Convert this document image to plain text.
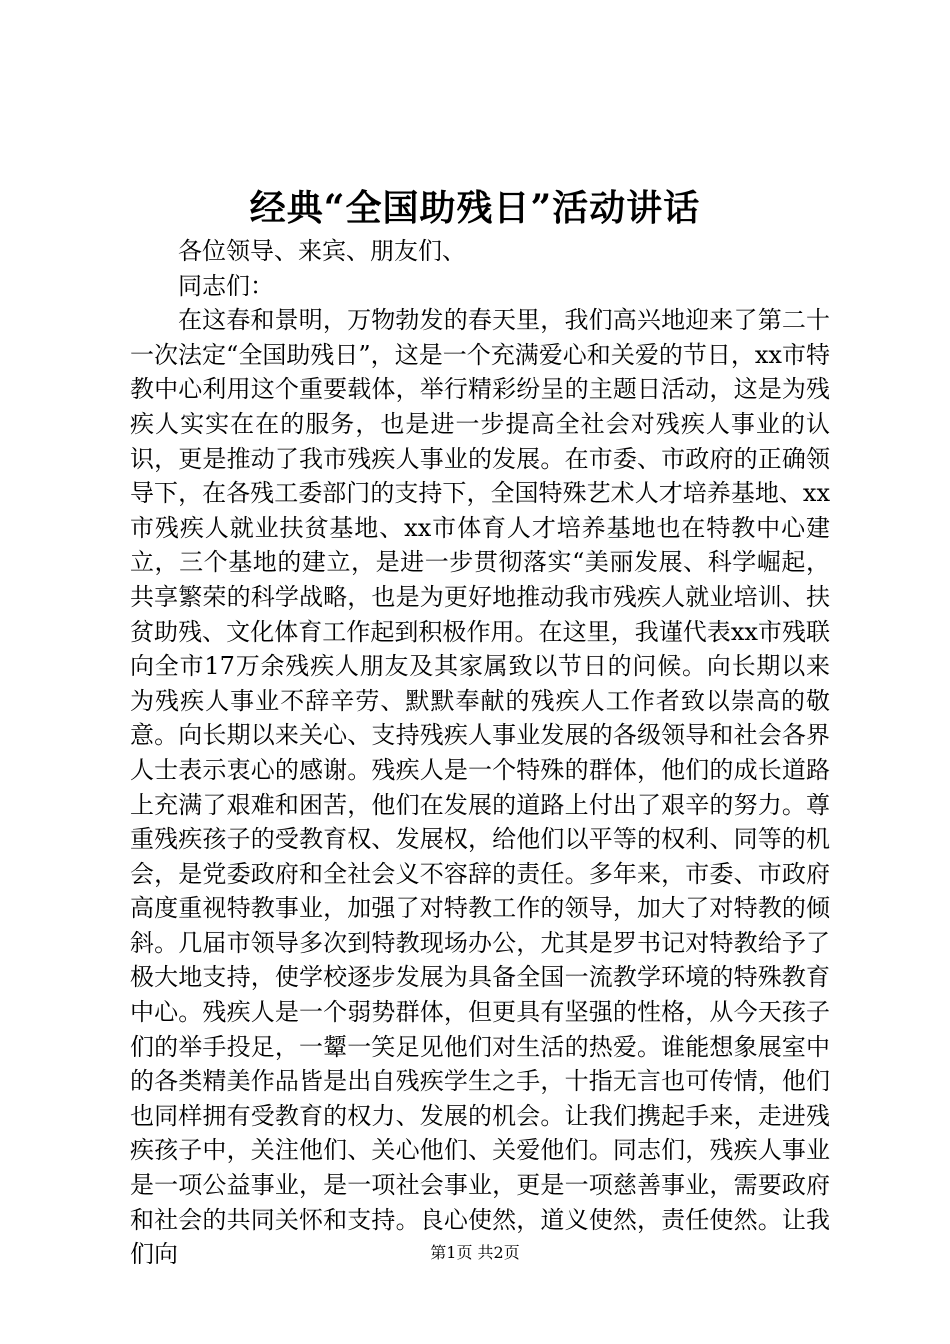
经典“全国助残日”活动讲话

各位领导、来宾、朋友们、

同志们：

在这春和景明，万物勃发的春天里，我们高兴地迎来了第二十一次法定“全国助残日”，这是一个充满爱心和关爱的节日，xx市特教中心利用这个重要载体，举行精彩纷呈的主题日活动，这是为残疾人实实在在的服务，也是进一步提高全社会对残疾人事业的认识，更是推动了我市残疾人事业的发展。在市委、市政府的正确领导下，在各残工委部门的支持下，全国特殊艺术人才培养基地、xx市残疾人就业扶贫基地、xx市体育人才培养基地也在特教中心建立，三个基地的建立，是进一步贯彻落实“美丽发展、科学崛起，共享繁荣的科学战略，也是为更好地推动我市残疾人就业培训、扶贫助残、文化体育工作起到积极作用。在这里，我谨代表xx市残联向全市17万余残疾人朋友及其家属致以节日的问候。向长期以来为残疾人事业不辞辛劳、默默奉献的残疾人工作者致以崇高的敬意。向长期以来关心、支持残疾人事业发展的各级领导和社会各界人士表示衷心的感谢。残疾人是一个特殊的群体，他们的成长道路上充满了艰难和困苦，他们在发展的道路上付出了艰辛的努力。尊重残疾孩子的受教育权、发展权，给他们以平等的权利、同等的机会，是党委政府和全社会义不容辞的责任。多年来，市委、市政府高度重视特教事业，加强了对特教工作的领导，加大了对特教的倾斜。几届市领导多次到特教现场办公，尤其是罗书记对特教给予了极大地支持，使学校逐步发展为具备全国一流教学环境的特殊教育中心。残疾人是一个弱势群体，但更具有坚强的性格，从今天孩子们的举手投足，一颦一笑足见他们对生活的热爱。谁能想象展室中的各类精美作品皆是出自残疾学生之手，十指无言也可传情，他们也同样拥有受教育的权力、发展的机会。让我们携起手来，走进残疾孩子中，关注他们、关心他们、关爱他们。同志们，残疾人事业是一项公益事业，是一项社会事业，更是一项慈善事业，需要政府和社会的共同关怀和支持。良心使然，道义使然，责任使然。让我们向	第1页 共2页
